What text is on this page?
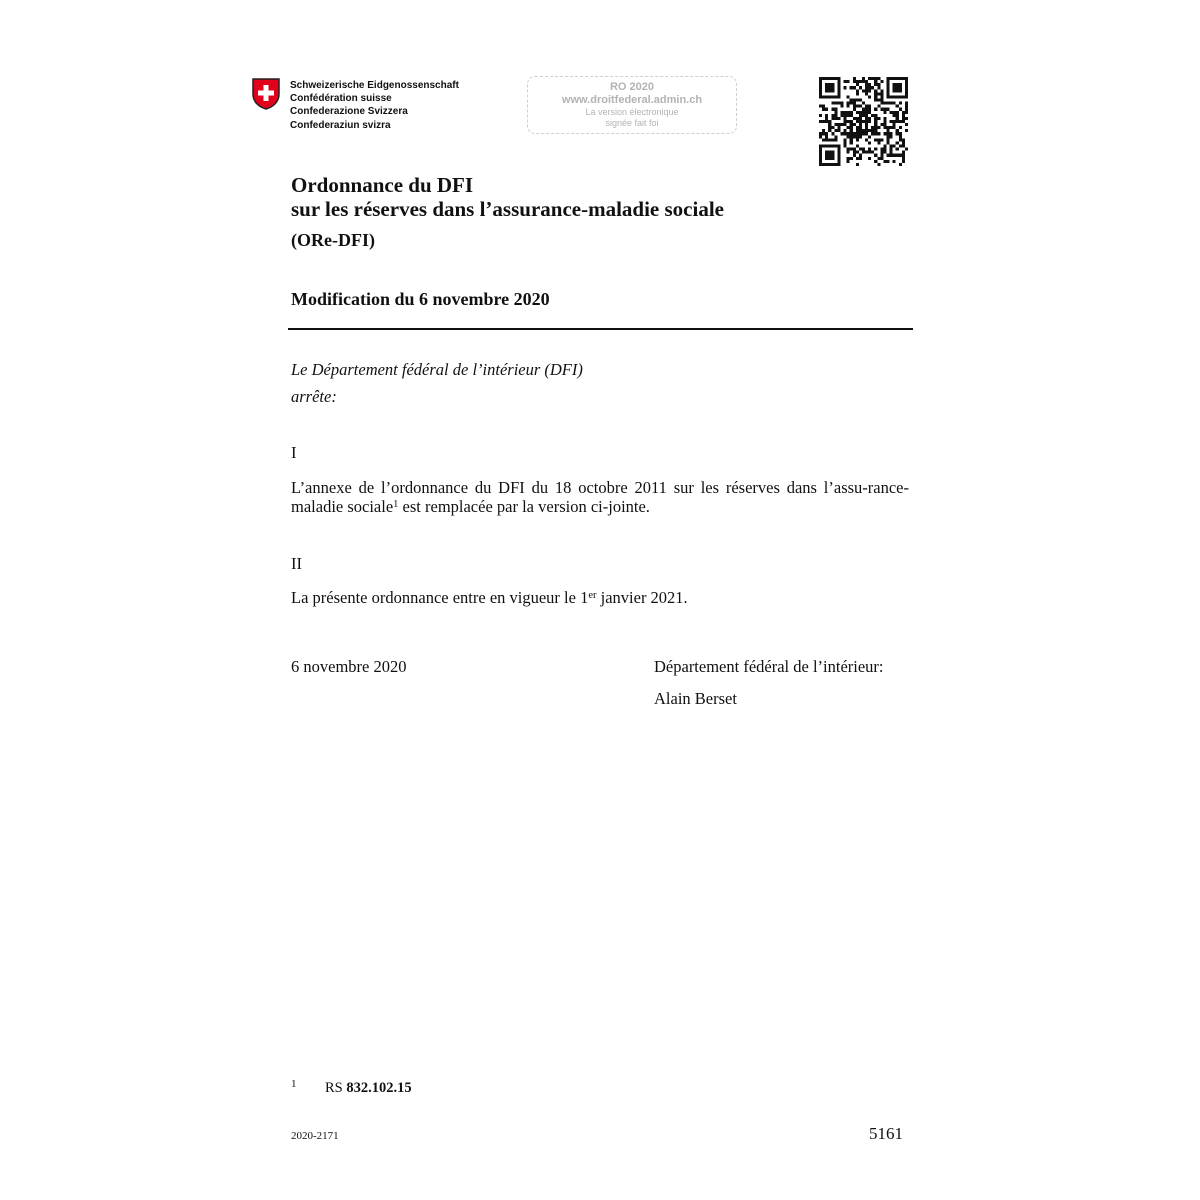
Schweizerische Eidgenossenschaft
Confédération suisse
Confederazione Svizzera
Confederaziun svizra
RO 2020
www.droitfederal.admin.ch
La version électronique
signée fait foi
Ordonnance du DFI
sur les réserves dans l’assurance-maladie sociale
(ORe-DFI)
Modification du 6 novembre 2020
Le Département fédéral de l’intérieur (DFI)
arrête:
I
L’annexe de l’ordonnance du DFI du 18 octobre 2011 sur les réserves dans l’assu-rance-maladie sociale$^1$ est remplacée par la version ci-jointe.
II
La présente ordonnance entre en vigueur le 1er janvier 2021.
6 novembre 2020	Département fédéral de l’intérieur:
Alain Berset
1 RS 832.102.15
2020-2171	5161
